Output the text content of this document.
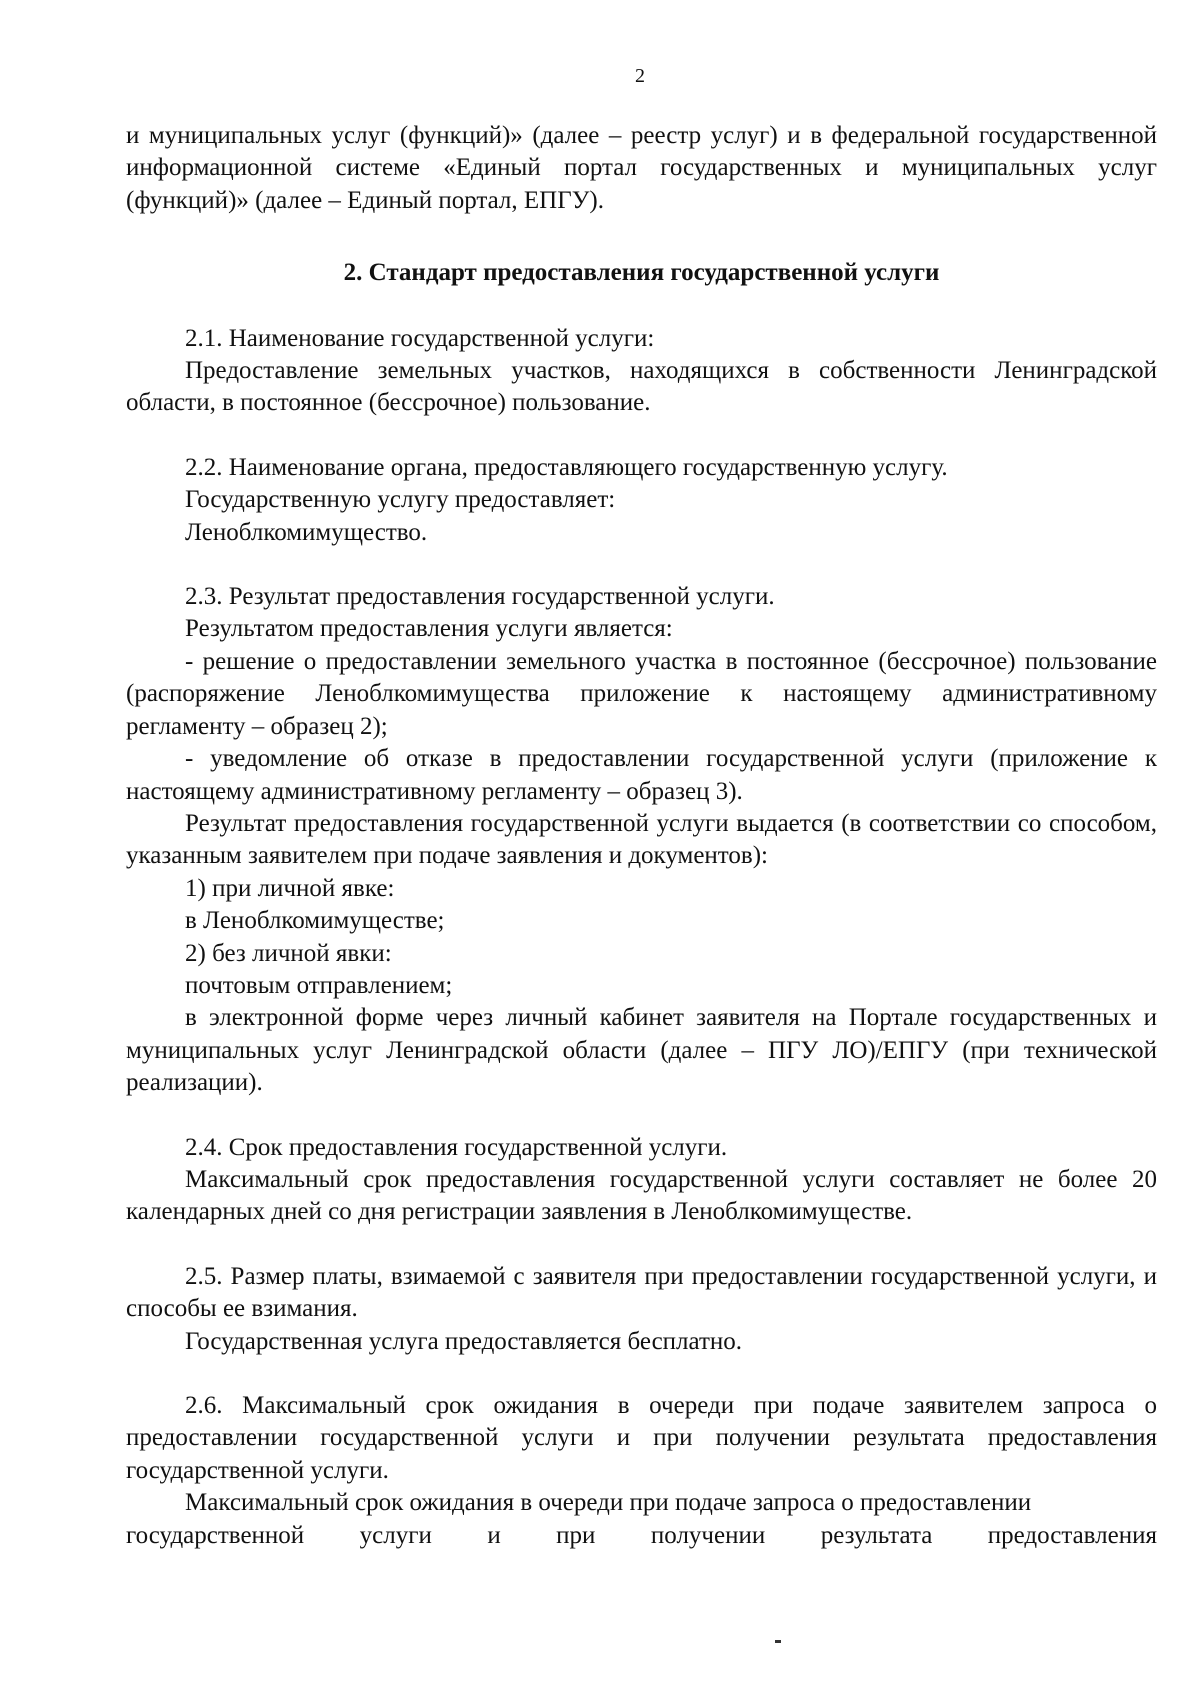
2

и муниципальных услуг (функций)» (далее – реестр услуг) и в федеральной государственной информационной системе «Единый портал государственных и муниципальных услуг (функций)» (далее – Единый портал, ЕПГУ).

2. Стандарт предоставления государственной услуги

2.1. Наименование государственной услуги:

Предоставление земельных участков, находящихся в собственности Ленинградской области, в постоянное (бессрочное) пользование.

2.2. Наименование органа, предоставляющего государственную услугу.

Государственную услугу предоставляет:

Леноблкомимущество.

2.3. Результат предоставления государственной услуги.

Результатом предоставления услуги является:

- решение о предоставлении земельного участка в постоянное (бессрочное) пользование (распоряжение Леноблкомимущества приложение к настоящему административному регламенту – образец 2);

- уведомление об отказе в предоставлении государственной услуги (приложение к настоящему административному регламенту – образец 3).

Результат предоставления государственной услуги выдается (в соответствии со способом, указанным заявителем при подаче заявления и документов):

1) при личной явке:

в Леноблкомимуществе;

2) без личной явки:

почтовым отправлением;

в электронной форме через личный кабинет заявителя на Портале государственных и муниципальных услуг Ленинградской области (далее – ПГУ ЛО)/ЕПГУ (при технической реализации).

2.4. Срок предоставления государственной услуги.

Максимальный срок предоставления государственной услуги составляет не более 20 календарных дней со дня регистрации заявления в Леноблкомимуществе.

2.5. Размер платы, взимаемой с заявителя при предоставлении государственной услуги, и способы ее взимания.

Государственная услуга предоставляется бесплатно.

2.6. Максимальный срок ожидания в очереди при подаче заявителем запроса о предоставлении государственной услуги и при получении результата предоставления государственной услуги.

Максимальный срок ожидания в очереди при подаче запроса о предоставлении

государственной услуги и при получении результата предоставления
